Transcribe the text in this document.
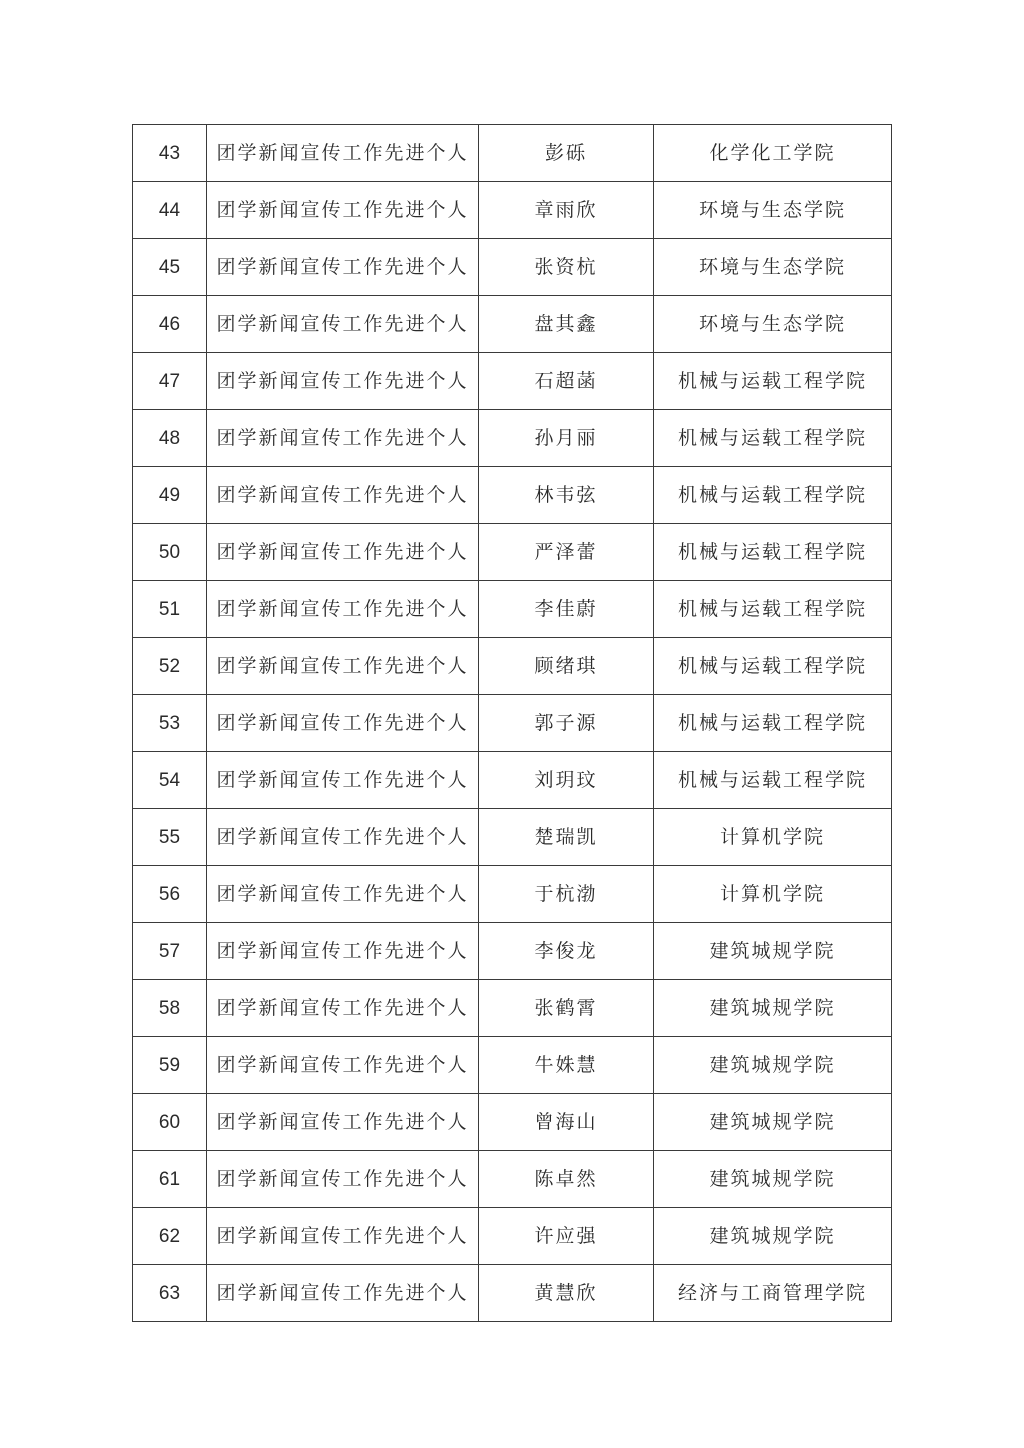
43	团学新闻宣传工作先进个人	彭砾	化学化工学院
44	团学新闻宣传工作先进个人	章雨欣	环境与生态学院
45	团学新闻宣传工作先进个人	张资杭	环境与生态学院
46	团学新闻宣传工作先进个人	盘其鑫	环境与生态学院
47	团学新闻宣传工作先进个人	石超菡	机械与运载工程学院
48	团学新闻宣传工作先进个人	孙月丽	机械与运载工程学院
49	团学新闻宣传工作先进个人	林韦弦	机械与运载工程学院
50	团学新闻宣传工作先进个人	严泽蕾	机械与运载工程学院
51	团学新闻宣传工作先进个人	李佳蔚	机械与运载工程学院
52	团学新闻宣传工作先进个人	顾绪琪	机械与运载工程学院
53	团学新闻宣传工作先进个人	郭子源	机械与运载工程学院
54	团学新闻宣传工作先进个人	刘玥玟	机械与运载工程学院
55	团学新闻宣传工作先进个人	楚瑞凯	计算机学院
56	团学新闻宣传工作先进个人	于杭渤	计算机学院
57	团学新闻宣传工作先进个人	李俊龙	建筑城规学院
58	团学新闻宣传工作先进个人	张鹤霄	建筑城规学院
59	团学新闻宣传工作先进个人	牛姝慧	建筑城规学院
60	团学新闻宣传工作先进个人	曾海山	建筑城规学院
61	团学新闻宣传工作先进个人	陈卓然	建筑城规学院
62	团学新闻宣传工作先进个人	许应强	建筑城规学院
63	团学新闻宣传工作先进个人	黄慧欣	经济与工商管理学院
